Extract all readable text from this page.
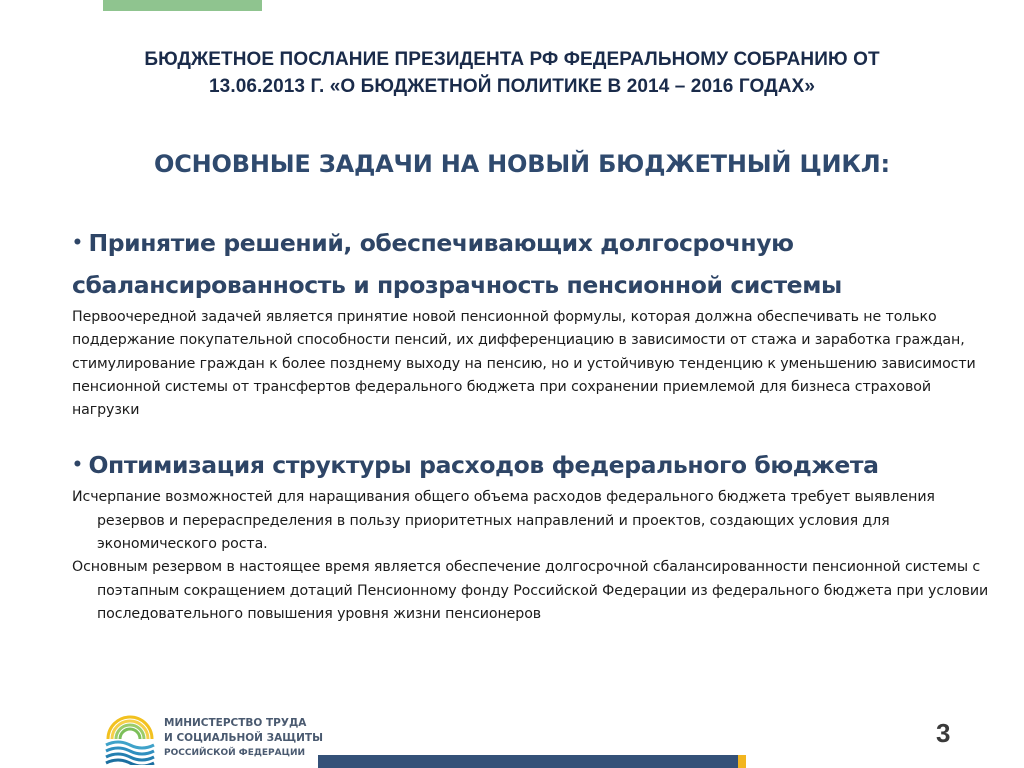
БЮДЖЕТНОЕ ПОСЛАНИЕ ПРЕЗИДЕНТА РФ ФЕДЕРАЛЬНОМУ СОБРАНИЮ ОТ
13.06.2013 Г. «О БЮДЖЕТНОЙ ПОЛИТИКЕ В 2014 – 2016 ГОДАХ»
ОСНОВНЫЕ ЗАДАЧИ НА НОВЫЙ БЮДЖЕТНЫЙ ЦИКЛ:

• Принятие решений, обеспечивающих долгосрочную
сбалансированность и прозрачность пенсионной системы

Первоочередной задачей является принятие новой пенсионной формулы, которая должна обеспечивать не только поддержание покупательной способности пенсий, их дифференциацию в зависимости от стажа и заработка граждан, стимулирование граждан к более позднему выходу на пенсию, но и устойчивую тенденцию к уменьшению зависимости пенсионной системы от трансфертов федерального бюджета при сохранении приемлемой для бизнеса страховой нагрузки

• Оптимизация структуры расходов федерального бюджета

Исчерпание возможностей для наращивания общего объема расходов федерального бюджета требует выявления резервов и перераспределения в пользу приоритетных направлений и проектов, создающих условия для экономического роста.

Основным резервом в настоящее время является обеспечение долгосрочной сбалансированности пенсионной системы с поэтапным сокращением дотаций Пенсионному фонду Российской Федерации из федерального бюджета при условии последовательного повышения уровня жизни пенсионеров

МИНИСТЕРСТВО ТРУДА
И СОЦИАЛЬНОЙ ЗАЩИТЫ
РОССИЙСКОЙ ФЕДЕРАЦИИ
3
